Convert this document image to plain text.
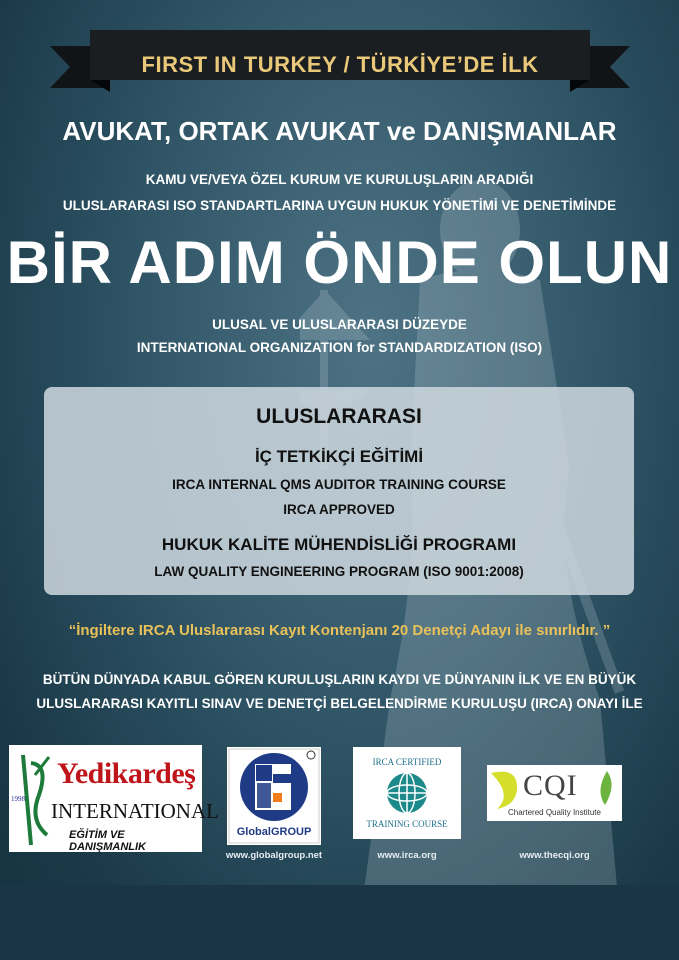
FIRST IN TURKEY / TÜRKİYE’DE İLK
AVUKAT, ORTAK AVUKAT ve DANIŞMANLAR
KAMU VE/VEYA ÖZEL KURUM VE KURULUŞLARIN ARADIĞI
ULUSLARARASI ISO STANDARTLARINA UYGUN HUKUK YÖNETİMİ VE DENETİMİNDE
BİR ADIM ÖNDE OLUN
ULUSAL VE ULUSLARARASI DÜZEYDE
INTERNATIONAL ORGANIZATION for STANDARDIZATION (ISO)
ULUSLARARASI
İÇ TETKİKÇİ EĞİTİMİ
IRCA INTERNAL QMS AUDITOR TRAINING COURSE
IRCA APPROVED
HUKUK KALİTE MÜHENDİSLİĞİ PROGRAMI
LAW QUALITY ENGINEERING PROGRAM (ISO 9001:2008)
“İngiltere IRCA Uluslararası Kayıt Kontenjanı 20 Denetçi Adayı ile sınırlıdır. ”
BÜTÜN DÜNYADA KABUL GÖREN KURULUŞLARIN KAYDI VE DÜNYANIN İLK VE EN BÜYÜK
ULUSLARARASI KAYITLI SINAV VE DENETÇİ BELGELENDİRME KURULUŞU (IRCA) ONAYI İLE
1998
Yedikardeş
INTERNATIONAL
EĞİTİM VE DANIŞMANLIK
GlobalGROUP
IRCA CERTIFIED
TRAINING COURSE
CQI
Chartered Quality Institute
www.globalgroup.net	www.irca.org	www.thecqi.org
